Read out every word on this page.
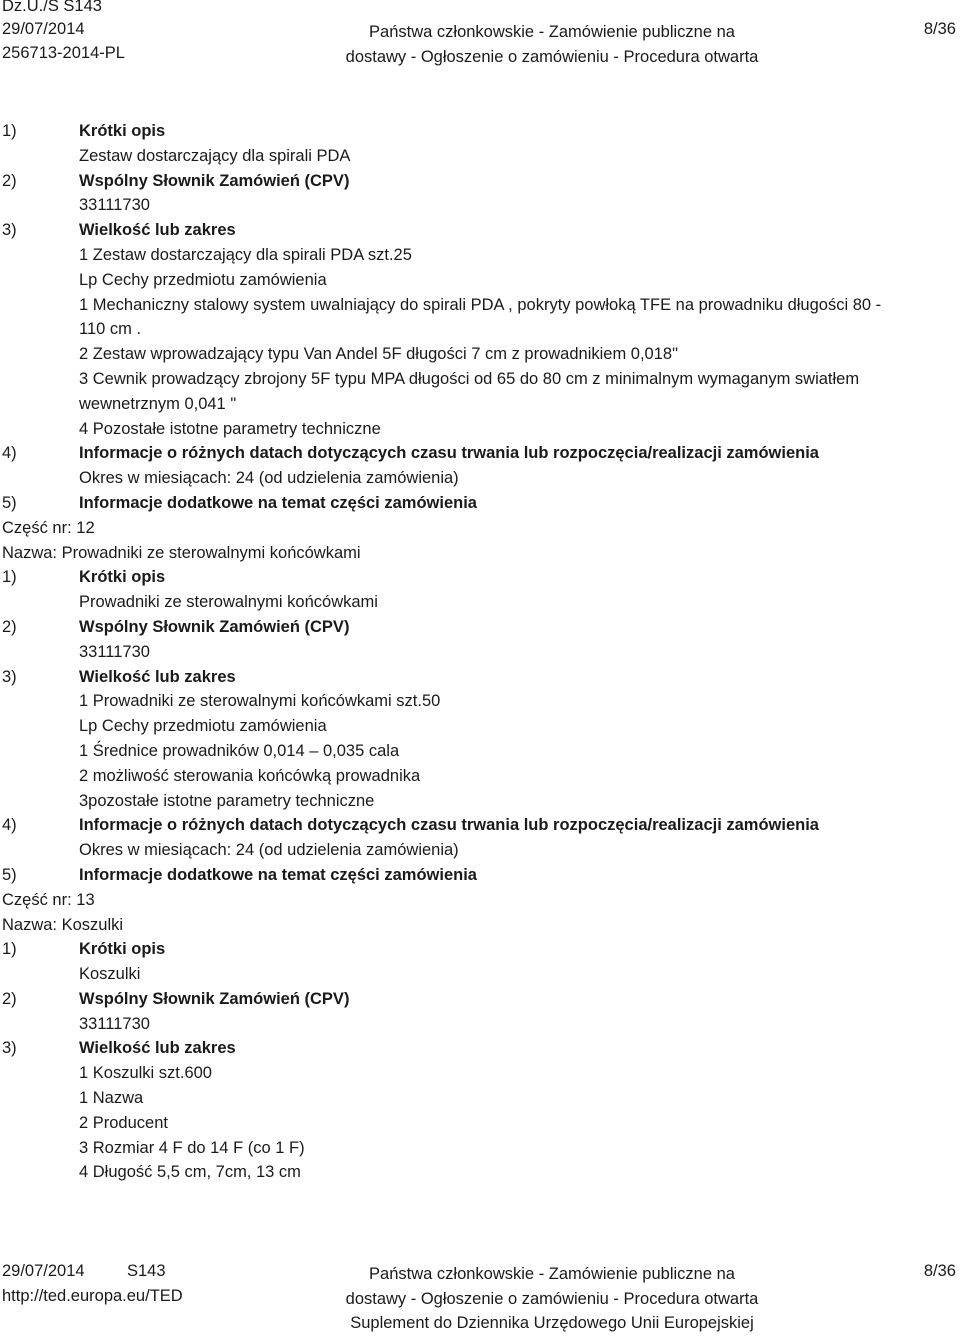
Dz.U./S S143
29/07/2014
256713-2014-PL
Państwa członkowskie - Zamówienie publiczne na
dostawy - Ogłoszenie o zamówieniu - Procedura otwarta
8/36
1)	Krótki opis
Zestaw dostarczający dla spirali PDA
2)	Wspólny Słownik Zamówień (CPV)
33111730
3)	Wielkość lub zakres
1 Zestaw dostarczający dla spirali PDA szt.25
Lp Cechy przedmiotu zamówienia
1 Mechaniczny stalowy system uwalniający do spirali PDA , pokryty powłoką TFE na prowadniku długości 80 -
110 cm .
2 Zestaw wprowadzający typu Van Andel 5F długości 7 cm z prowadnikiem 0,018"
3 Cewnik prowadzący zbrojony 5F typu MPA długości od 65 do 80 cm z minimalnym wymaganym swiatłem
wewnetrznym 0,041 "
4 Pozostałe istotne parametry techniczne
4)	Informacje o różnych datach dotyczących czasu trwania lub rozpoczęcia/realizacji zamówienia
Okres w miesiącach: 24 (od udzielenia zamówienia)
5)	Informacje dodatkowe na temat części zamówienia
Część nr: 12
Nazwa: Prowadniki ze sterowalnymi końcówkami
1)	Krótki opis
Prowadniki ze sterowalnymi końcówkami
2)	Wspólny Słownik Zamówień (CPV)
33111730
3)	Wielkość lub zakres
1 Prowadniki ze sterowalnymi końcówkami szt.50
Lp Cechy przedmiotu zamówienia
1 Średnice prowadników 0,014 – 0,035 cala
2 możliwość sterowania końcówką prowadnika
3pozostałe istotne parametry techniczne
4)	Informacje o różnych datach dotyczących czasu trwania lub rozpoczęcia/realizacji zamówienia
Okres w miesiącach: 24 (od udzielenia zamówienia)
5)	Informacje dodatkowe na temat części zamówienia
Część nr: 13
Nazwa: Koszulki
1)	Krótki opis
Koszulki
2)	Wspólny Słownik Zamówień (CPV)
33111730
3)	Wielkość lub zakres
1 Koszulki szt.600
1 Nazwa
2 Producent
3 Rozmiar 4 F do 14 F (co 1 F)
4 Długość 5,5 cm, 7cm, 13 cm
29/07/2014	S143
http://ted.europa.eu/TED
Państwa członkowskie - Zamówienie publiczne na
dostawy - Ogłoszenie o zamówieniu - Procedura otwarta
Suplement do Dziennika Urzędowego Unii Europejskiej
8/36
